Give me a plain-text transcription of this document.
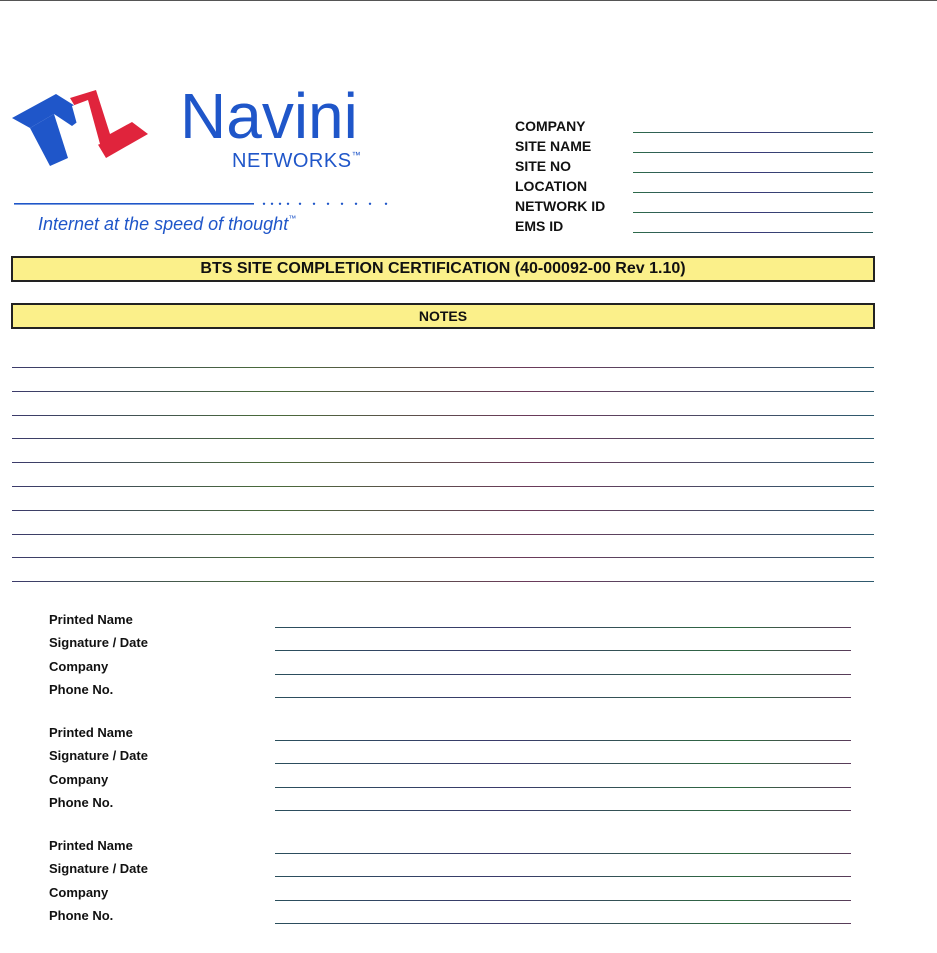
Navini
NETWORKS™
Internet at the speed of thought™
COMPANY
SITE NAME
SITE NO
LOCATION
NETWORK ID
EMS ID
BTS SITE COMPLETION CERTIFICATION (40-00092-00 Rev 1.10)
NOTES
Printed Name
Signature / Date
Company
Phone No.
Printed Name
Signature / Date
Company
Phone No.
Printed Name
Signature / Date
Company
Phone No.
